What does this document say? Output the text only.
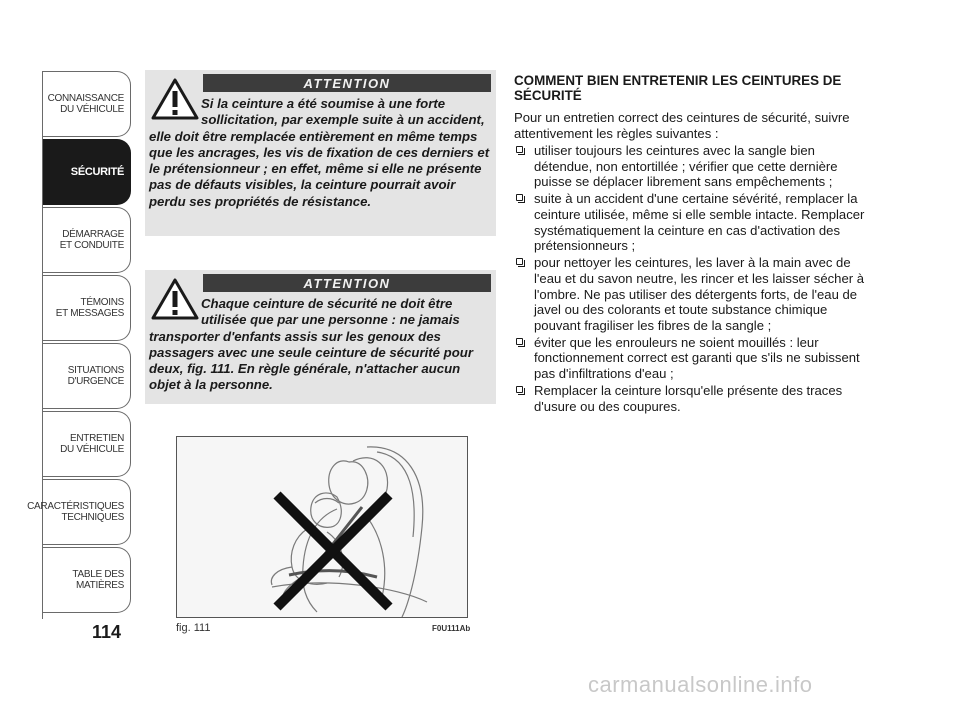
CONNAISSANCE
DU VÉHICULE
SÉCURITÉ
DÉMARRAGE
ET CONDUITE
TÉMOINS
ET MESSAGES
SITUATIONS
D'URGENCE
ENTRETIEN
DU VÉHICULE
CARACTÉRISTIQUES
TECHNIQUES
TABLE DES
MATIÈRES
114
ATTENTION
Si la ceinture a été soumise à une forte sollicitation, par exemple suite à un accident, elle doit être remplacée entièrement en même temps que les ancrages, les vis de fixation de ces derniers et le prétensionneur ; en effet, même si elle ne présente pas de défauts visibles, la ceinture pourrait avoir perdu ses propriétés de résistance.
ATTENTION
Chaque ceinture de sécurité ne doit être utilisée que par une personne : ne jamais transporter d'enfants assis sur les genoux des passagers avec une seule ceinture de sécurité pour deux, fig. 111. En règle générale, n'attacher aucun objet à la personne.
fig. 111	F0U111Ab
COMMENT BIEN ENTRETENIR LES CEINTURES DE SÉCURITÉ

Pour un entretien correct des ceintures de sécurité, suivre attentivement les règles suivantes :

utiliser toujours les ceintures avec la sangle bien détendue, non entortillée ; vérifier que cette dernière puisse se déplacer librement sans empêchements ;
suite à un accident d'une certaine sévérité, remplacer la ceinture utilisée, même si elle semble intacte. Remplacer systématiquement la ceinture en cas d'activation des prétensionneurs ;
pour nettoyer les ceintures, les laver à la main avec de l'eau et du savon neutre, les rincer et les laisser sécher à l'ombre. Ne pas utiliser des détergents forts, de l'eau de javel ou des colorants et toute substance chimique pouvant fragiliser les fibres de la sangle ;
éviter que les enrouleurs ne soient mouillés : leur fonctionnement correct est garanti que s'ils ne subissent pas d'infiltrations d'eau ;
Remplacer la ceinture lorsqu'elle présente des traces d'usure ou des coupures.
carmanualsonline.info
